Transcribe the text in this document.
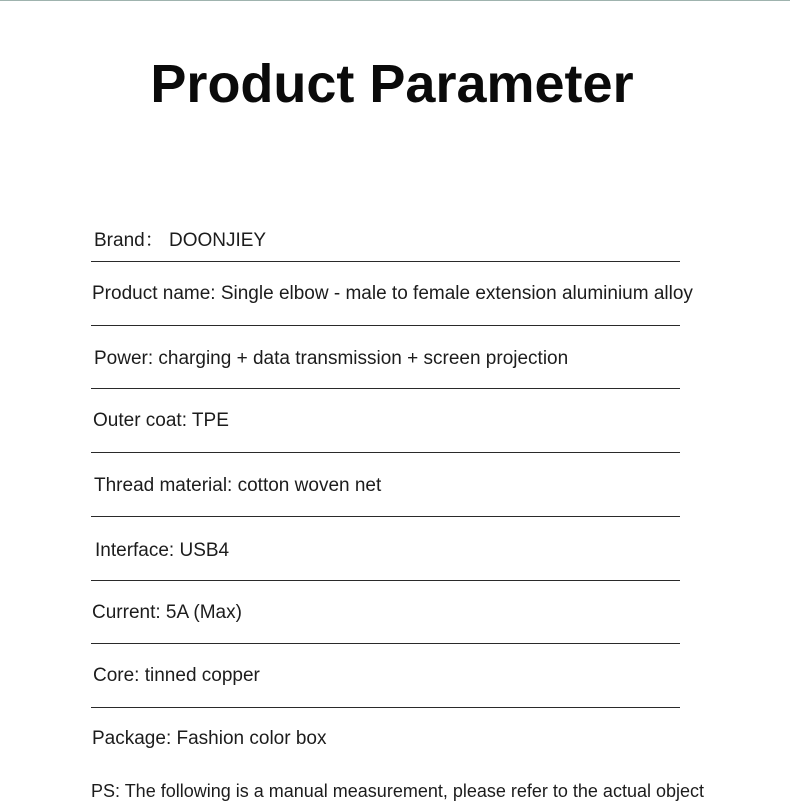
Product Parameter
Brand： DOONJIEY
Product name: Single elbow - male to female extension aluminium alloy
Power: charging + data transmission + screen projection
Outer coat: TPE
Thread material: cotton woven net
Interface: USB4
Current: 5A (Max)
Core: tinned copper
Package: Fashion color box
PS: The following is a manual measurement, please refer to the actual object
